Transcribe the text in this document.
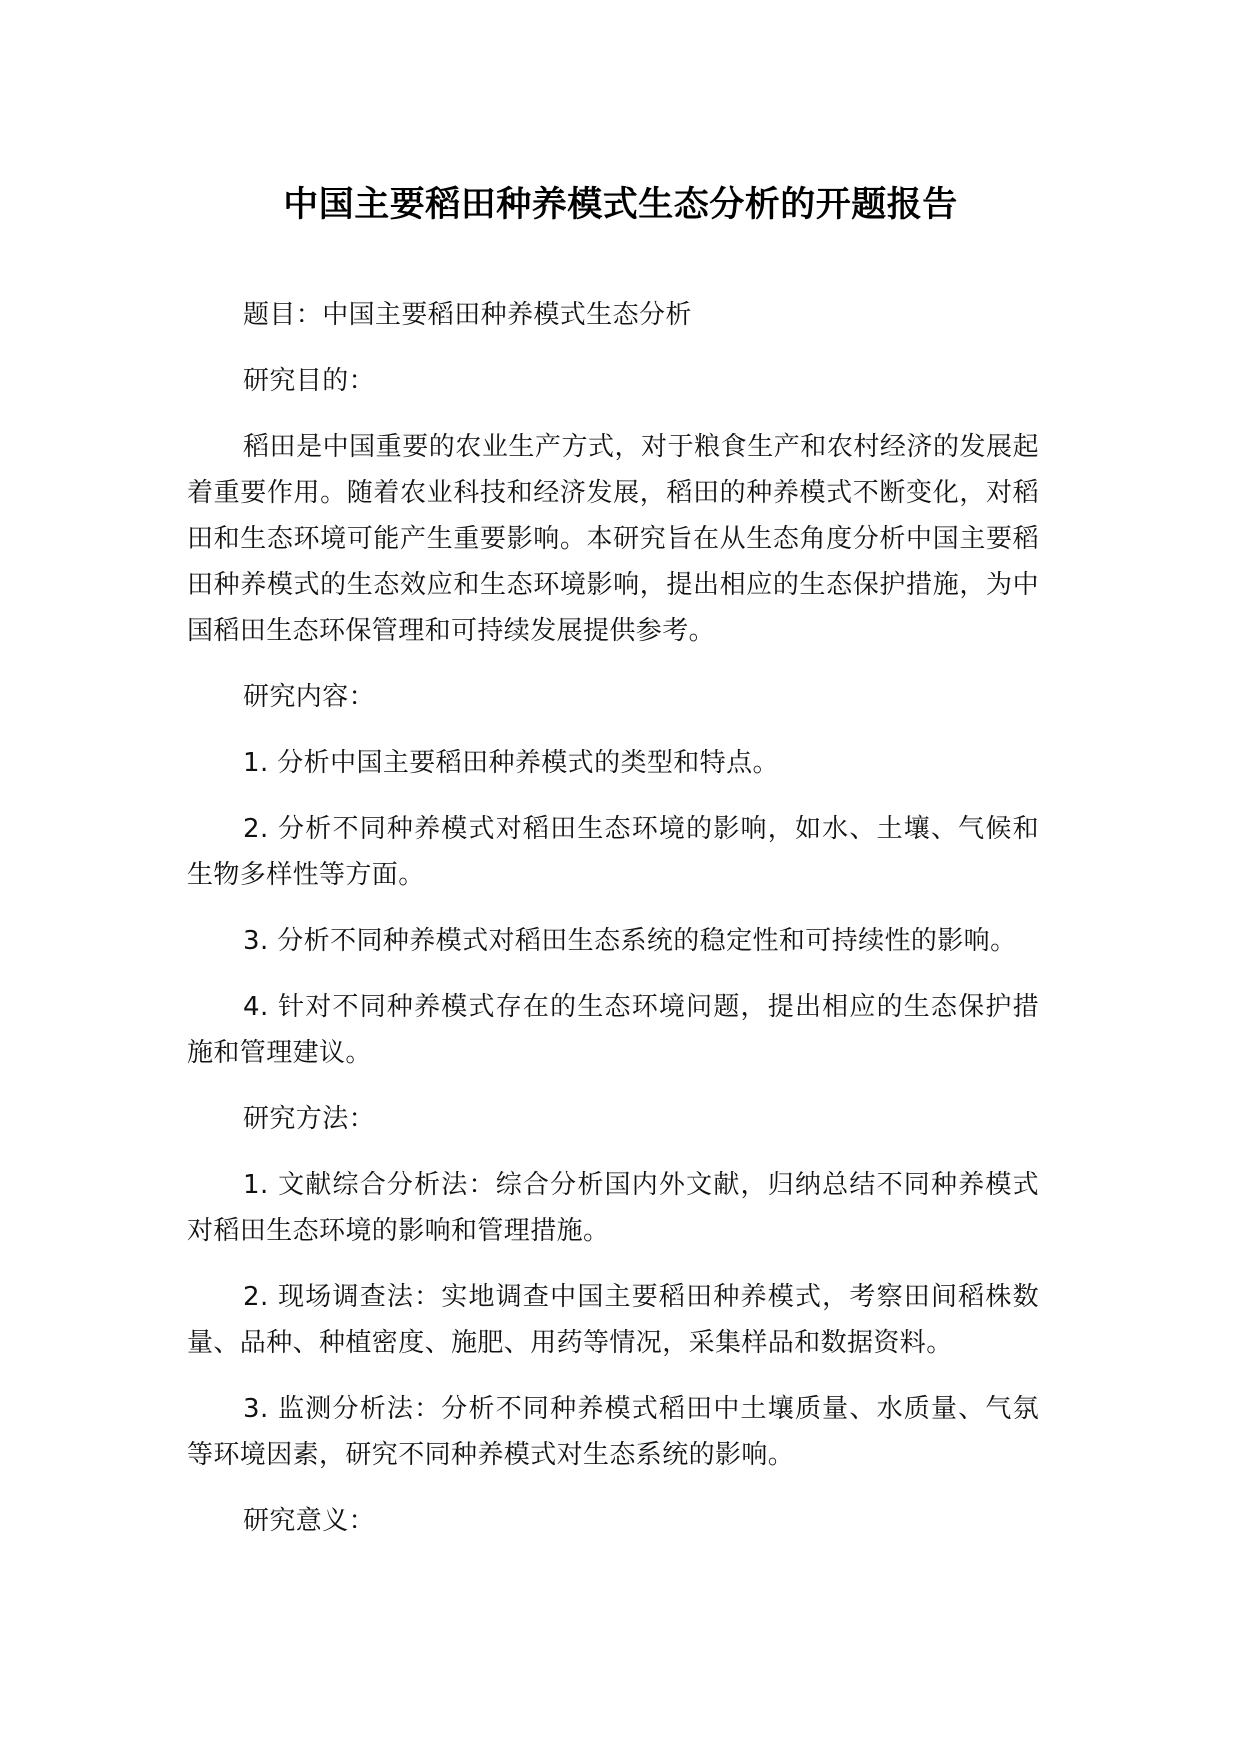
中国主要稻田种养模式生态分析的开题报告

题目：中国主要稻田种养模式生态分析

研究目的：

稻田是中国重要的农业生产方式，对于粮食生产和农村经济的发展起着重要作用。随着农业科技和经济发展，稻田的种养模式不断变化，对稻田和生态环境可能产生重要影响。本研究旨在从生态角度分析中国主要稻田种养模式的生态效应和生态环境影响，提出相应的生态保护措施，为中国稻田生态环保管理和可持续发展提供参考。

研究内容：

1. 分析中国主要稻田种养模式的类型和特点。

2. 分析不同种养模式对稻田生态环境的影响，如水、土壤、气候和生物多样性等方面。

3. 分析不同种养模式对稻田生态系统的稳定性和可持续性的影响。

4. 针对不同种养模式存在的生态环境问题，提出相应的生态保护措施和管理建议。

研究方法：

1. 文献综合分析法：综合分析国内外文献，归纳总结不同种养模式对稻田生态环境的影响和管理措施。

2. 现场调查法：实地调查中国主要稻田种养模式，考察田间稻株数量、品种、种植密度、施肥、用药等情况，采集样品和数据资料。

3. 监测分析法：分析不同种养模式稻田中土壤质量、水质量、气氛等环境因素，研究不同种养模式对生态系统的影响。

研究意义：
